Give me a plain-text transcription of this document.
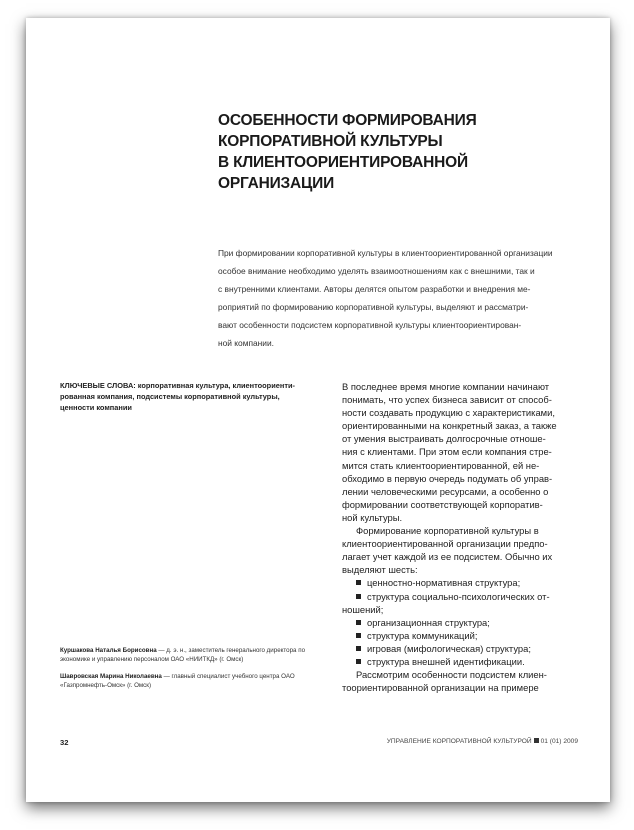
ОСОБЕННОСТИ ФОРМИРОВАНИЯ
КОРПОРАТИВНОЙ КУЛЬТУРЫ
В КЛИЕНТООРИЕНТИРОВАННОЙ
ОРГАНИЗАЦИИ
При формировании корпоративной культуры в клиентоориентированной организации
особое внимание необходимо уделять взаимоотношениям как с внешними, так и
с внутренними клиентами. Авторы делятся опытом разработки и внедрения ме-
роприятий по формированию корпоративной культуры, выделяют и рассматри-
вают особенности подсистем корпоративной культуры клиентоориентирован-
ной компании.
КЛЮЧЕВЫЕ СЛОВА: корпоративная культура, клиентоориенти-
рованная компания, подсистемы корпоративной культуры,
ценности компании
В последнее время многие компании начинают
понимать, что успех бизнеса зависит от способ-
ности создавать продукцию с характеристиками,
ориентированными на конкретный заказ, а также
от умения выстраивать долгосрочные отноше-
ния с клиентами. При этом если компания стре-
мится стать клиентоориентированной, ей не-
обходимо в первую очередь подумать об управ-
лении человеческими ресурсами, а особенно о
формировании соответствующей корпоратив-
ной культуры.
Формирование корпоративной культуры в
клиентоориентированной организации предпо-
лагает учет каждой из ее подсистем. Обычно их
выделяют шесть:
ценностно-нормативная структура;
структура социально-психологических от-
ношений;
организационная структура;
структура коммуникаций;
игровая (мифологическая) структура;
структура внешней идентификации.
Рассмотрим особенности подсистем клиен-
тоориентированной организации на примере
Куршакова Наталья Борисовна — д. э. н., заместитель генерального директора по
экономике и управлению персоналом ОАО «НИИТКД» (г. Омск)
Шавровская Марина Николаевна — главный специалист учебного центра ОАО
«Газпромнефть-Омск» (г. Омск)
32	УПРАВЛЕНИЕ КОРПОРАТИВНОЙ КУЛЬТУРОЙ 01 (01) 2009
